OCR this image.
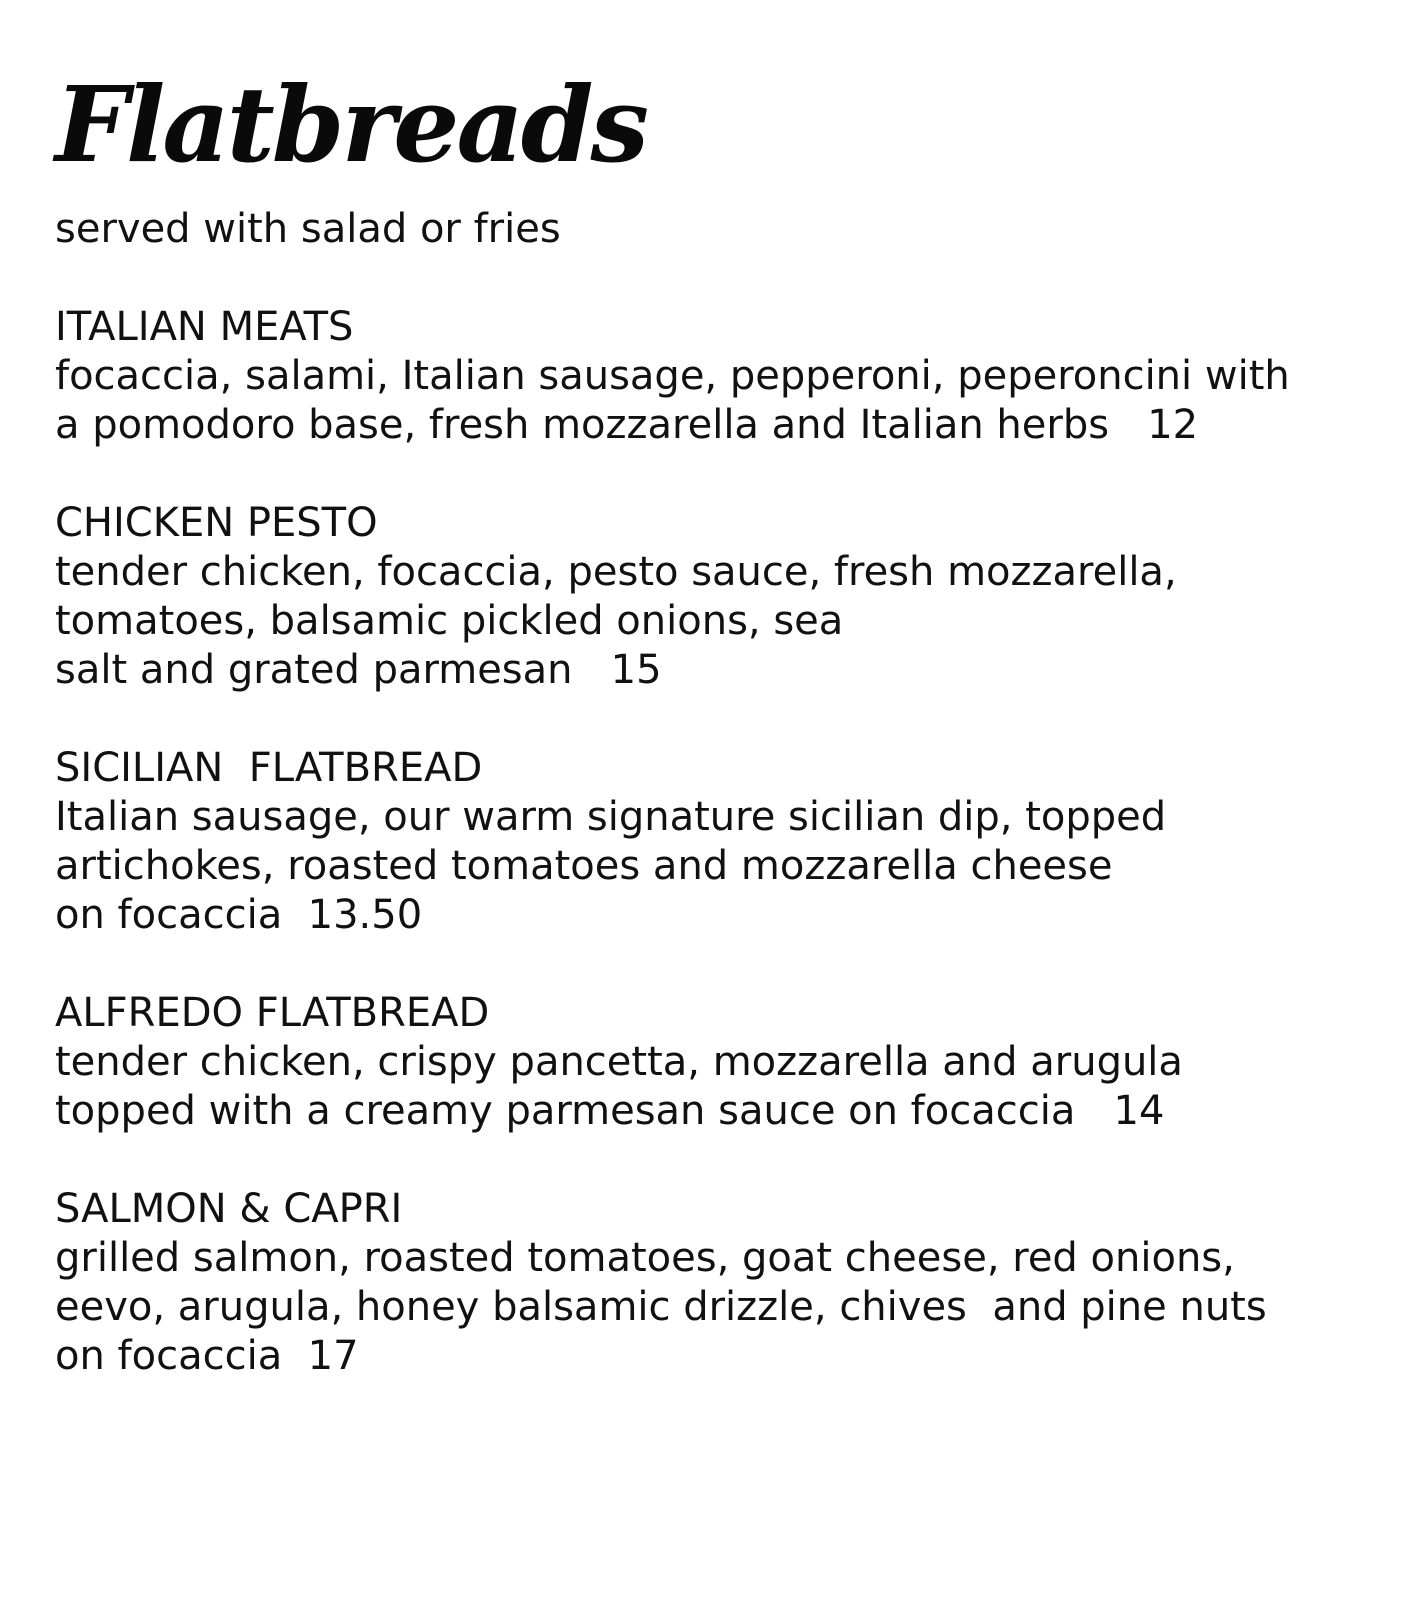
Flatbreads

served with salad or fries

ITALIAN MEATS
focaccia, salami, Italian sausage, pepperoni, peperoncini with
a pomodoro base, fresh mozzarella and Italian herbs   12
CHICKEN PESTO
tender chicken, focaccia, pesto sauce, fresh mozzarella,
tomatoes, balsamic pickled onions, sea
salt and grated parmesan   15
SICILIAN  FLATBREAD
Italian sausage, our warm signature sicilian dip, topped
artichokes, roasted tomatoes and mozzarella cheese
on focaccia  13.50
ALFREDO FLATBREAD
tender chicken, crispy pancetta, mozzarella and arugula
topped with a creamy parmesan sauce on focaccia   14
SALMON & CAPRI
grilled salmon, roasted tomatoes, goat cheese, red onions,
eevo, arugula, honey balsamic drizzle, chives  and pine nuts
on focaccia  17
